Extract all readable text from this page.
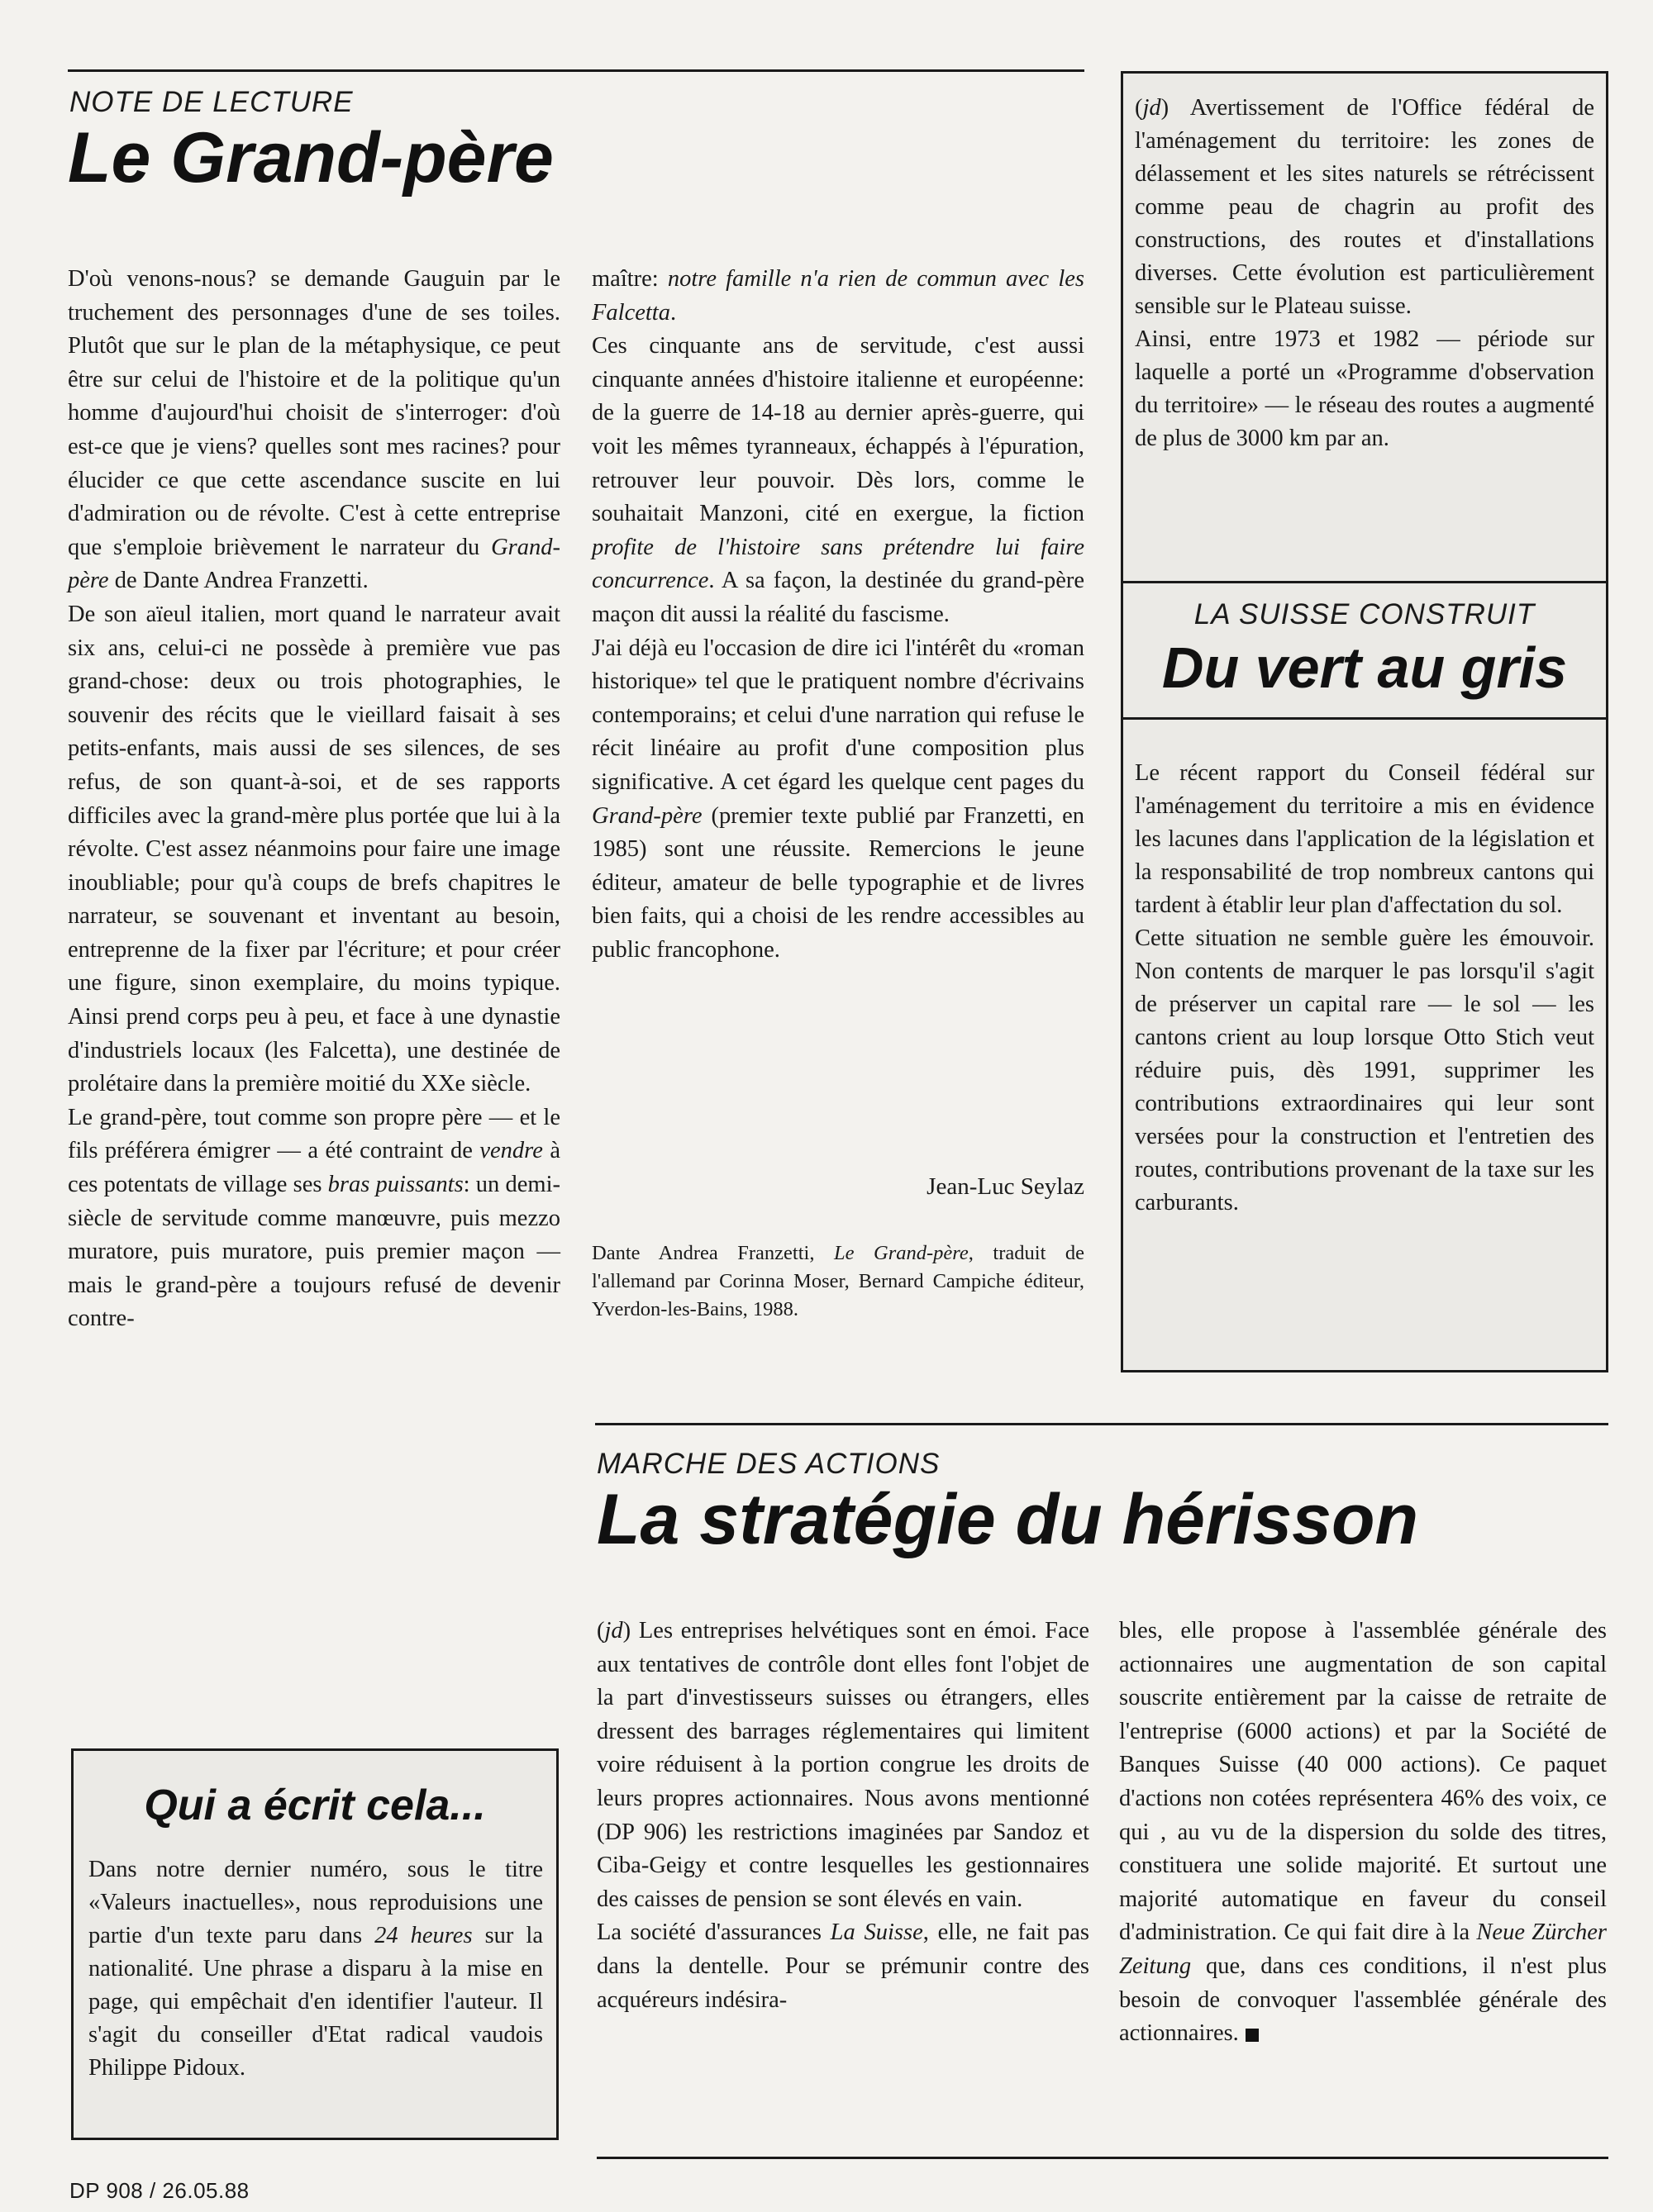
NOTE DE LECTURE
Le Grand-père

D'où venons-nous? se demande Gauguin par le truchement des personnages d'une de ses toiles. Plutôt que sur le plan de la métaphysique, ce peut être sur celui de l'histoire et de la politique qu'un homme d'aujourd'hui choisit de s'interroger: d'où est-ce que je viens? quelles sont mes racines? pour élucider ce que cette ascendance suscite en lui d'admiration ou de révolte. C'est à cette entreprise que s'emploie brièvement le narrateur du Grand-père de Dante Andrea Franzetti.

De son aïeul italien, mort quand le narrateur avait six ans, celui-ci ne possède à première vue pas grand-chose: deux ou trois photographies, le souvenir des récits que le vieillard faisait à ses petits-enfants, mais aussi de ses silences, de ses refus, de son quant-à-soi, et de ses rapports difficiles avec la grand-mère plus portée que lui à la révolte. C'est assez néanmoins pour faire une image inoubliable; pour qu'à coups de brefs chapitres le narrateur, se souvenant et inventant au besoin, entreprenne de la fixer par l'écriture; et pour créer une figure, sinon exemplaire, du moins typique. Ainsi prend corps peu à peu, et face à une dynastie d'industriels locaux (les Falcetta), une destinée de prolétaire dans la première moitié du XXe siècle.

Le grand-père, tout comme son propre père — et le fils préférera émigrer — a été contraint de vendre à ces potentats de village ses bras puissants: un demi-siècle de servitude comme manœuvre, puis mezzo muratore, puis muratore, puis premier maçon — mais le grand-père a toujours refusé de devenir contre-

maître: notre famille n'a rien de commun avec les Falcetta.

Ces cinquante ans de servitude, c'est aussi cinquante années d'histoire italienne et européenne: de la guerre de 14-18 au dernier après-guerre, qui voit les mêmes tyranneaux, échappés à l'épuration, retrouver leur pouvoir. Dès lors, comme le souhaitait Manzoni, cité en exergue, la fiction profite de l'histoire sans prétendre lui faire concurrence. A sa façon, la destinée du grand-père maçon dit aussi la réalité du fascisme.

J'ai déjà eu l'occasion de dire ici l'intérêt du «roman historique» tel que le pratiquent nombre d'écrivains contemporains; et celui d'une narration qui refuse le récit linéaire au profit d'une composition plus significative. A cet égard les quelque cent pages du Grand-père (premier texte publié par Franzetti, en 1985) sont une réussite. Remercions le jeune éditeur, amateur de belle typographie et de livres bien faits, qui a choisi de les rendre accessibles au public francophone.

Jean-Luc Seylaz
Dante Andrea Franzetti, Le Grand-père, traduit de l'allemand par Corinna Moser, Bernard Campiche éditeur, Yverdon-les-Bains, 1988.

(jd) Avertissement de l'Office fédéral de l'aménagement du territoire: les zones de délassement et les sites naturels se rétrécissent comme peau de chagrin au profit des constructions, des routes et d'installations diverses. Cette évolution est particulièrement sensible sur le Plateau suisse.

Ainsi, entre 1973 et 1982 — période sur laquelle a porté un «Programme d'observation du territoire» — le réseau des routes a augmenté de plus de 3000 km par an.

LA SUISSE CONSTRUIT
Du vert au gris

Le récent rapport du Conseil fédéral sur l'aménagement du territoire a mis en évidence les lacunes dans l'application de la législation et la responsabilité de trop nombreux cantons qui tardent à établir leur plan d'affectation du sol.

Cette situation ne semble guère les émouvoir. Non contents de marquer le pas lorsqu'il s'agit de préserver un capital rare — le sol — les cantons crient au loup lorsque Otto Stich veut réduire puis, dès 1991, supprimer les contributions extraordinaires qui leur sont versées pour la construction et l'entretien des routes, contributions provenant de la taxe sur les carburants.

MARCHE DES ACTIONS
La stratégie du hérisson

(jd) Les entreprises helvétiques sont en émoi. Face aux tentatives de contrôle dont elles font l'objet de la part d'investisseurs suisses ou étrangers, elles dressent des barrages réglementaires qui limitent voire réduisent à la portion congrue les droits de leurs propres actionnaires. Nous avons mentionné (DP 906) les restrictions imaginées par Sandoz et Ciba-Geigy et contre lesquelles les gestionnaires des caisses de pension se sont élevés en vain.

La société d'assurances La Suisse, elle, ne fait pas dans la dentelle. Pour se prémunir contre des acquéreurs indésira-

bles, elle propose à l'assemblée générale des actionnaires une augmentation de son capital souscrite entièrement par la caisse de retraite de l'entreprise (6000 actions) et par la Société de Banques Suisse (40 000 actions). Ce paquet d'actions non cotées représentera 46% des voix, ce qui , au vu de la dispersion du solde des titres, constituera une solide majorité. Et surtout une majorité automatique en faveur du conseil d'administration. Ce qui fait dire à la Neue Zürcher Zeitung que, dans ces conditions, il n'est plus besoin de convoquer l'assemblée générale des actionnaires.

Qui a écrit cela...

Dans notre dernier numéro, sous le titre «Valeurs inactuelles», nous reproduisions une partie d'un texte paru dans 24 heures sur la nationalité. Une phrase a disparu à la mise en page, qui empêchait d'en identifier l'auteur. Il s'agit du conseiller d'Etat radical vaudois Philippe Pidoux.

DP 908 / 26.05.88
